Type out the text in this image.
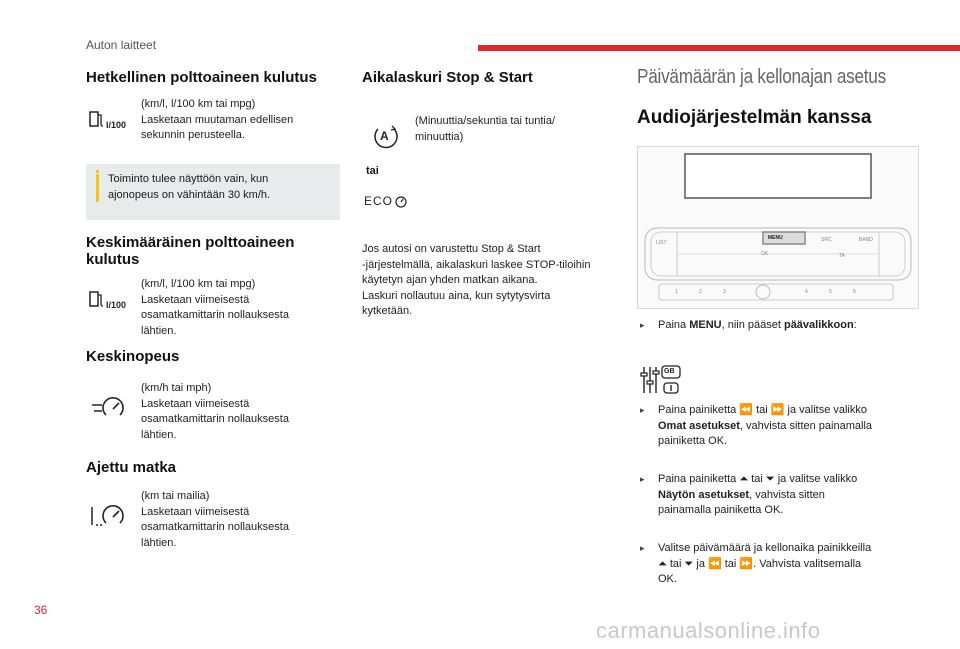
Auton laitteet
Hetkellinen polttoaineen kulutus
l/100
(km/l, l/100 km tai mpg)
Lasketaan muutaman edellisen
sekunnin perusteella.
Toiminto tulee näyttöön vain, kun
ajonopeus on vähintään 30 km/h.
Keskimääräinen polttoaineen
kulutus
l/100
(km/l, l/100 km tai mpg)
Lasketaan viimeisestä
osamatkamittarin nollauksesta
lähtien.
Keskinopeus
(km/h tai mph)
Lasketaan viimeisestä
osamatkamittarin nollauksesta
lähtien.
Ajettu matka
(km tai mailia)
Lasketaan viimeisestä
osamatkamittarin nollauksesta
lähtien.
Aikalaskuri Stop & Start
A
(Minuuttia/sekuntia tai tuntia/
minuuttia)
tai
ECO
Jos autosi on varustettu Stop & Start
-järjestelmällä, aikalaskuri laskee STOP-tiloihin
käytetyn ajan yhden matkan aikana.
Laskuri nollautuu aina, kun sytytysvirta
kytketään.
Päivämäärän ja kellonajan asetus
Audiojärjestelmän kanssa
MENU
LIST
OK
SRC	BAND
TA
1	2	3	4	5	6
▸ Paina MENU, niin pääset päävalikkoon:
GB
▸ Paina painiketta ⏪ tai ⏩ ja valitse valikko
Omat asetukset, vahvista sitten painamalla
painiketta OK.
▸ Paina painiketta ⏶ tai ⏷ ja valitse valikko
Näytön asetukset, vahvista sitten
painamalla painiketta OK.
▸ Valitse päivämäärä ja kellonaika painikkeilla
⏶ tai ⏷ ja ⏪ tai ⏩. Vahvista valitsemalla
OK.
36
carmanualsonline.info
